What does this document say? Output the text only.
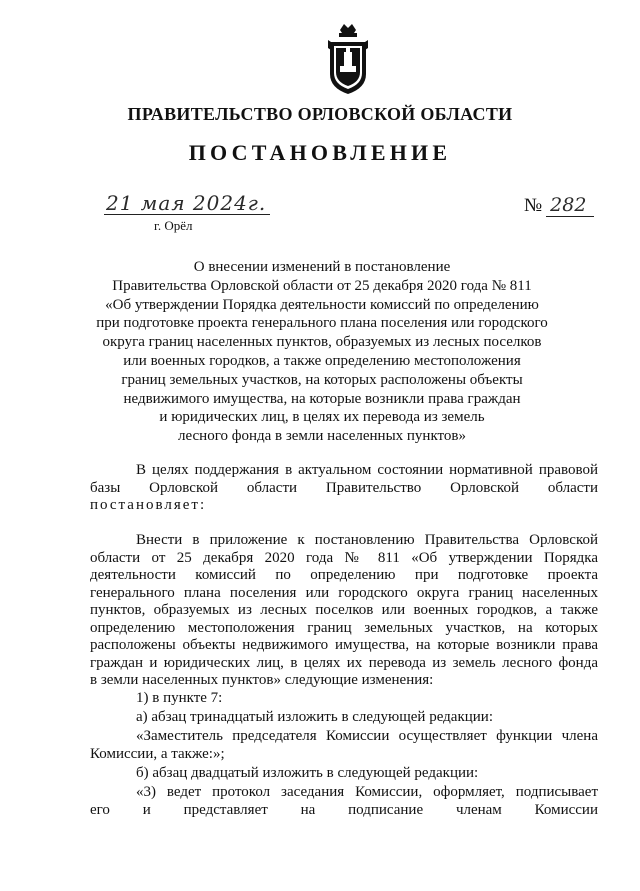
ПРАВИТЕЛЬСТВО ОРЛОВСКОЙ ОБЛАСТИ
ПОСТАНОВЛЕНИЕ
21 мая 2024г.
г. Орёл
№ 282
О внесении изменений в постановление
Правительства Орловской области от 25 декабря 2020 года № 811
«Об утверждении Порядка деятельности комиссий по определению
при подготовке проекта генерального плана поселения или городского
округа границ населенных пунктов, образуемых из лесных поселков
или военных городков, а также определению местоположения
границ земельных участков, на которых расположены объекты
недвижимого имущества, на которые возникли права граждан
и юридических лиц, в целях их перевода из земель
лесного фонда в земли населенных пунктов»
В целях поддержания в актуальном состоянии нормативной правовой
базы Орловской области Правительство Орловской области
постановляет:
Внести в приложение к постановлению Правительства Орловской
области от 25 декабря 2020 года № 811 «Об утверждении Порядка
деятельности комиссий по определению при подготовке проекта
генерального плана поселения или городского округа границ населенных
пунктов, образуемых из лесных поселков или военных городков, а также
определению местоположения границ земельных участков, на которых
расположены объекты недвижимого имущества, на которые возникли права
граждан и юридических лиц, в целях их перевода из земель лесного фонда
в земли населенных пунктов» следующие изменения:
1) в пункте 7:
а) абзац тринадцатый изложить в следующей редакции:
«Заместитель председателя Комиссии осуществляет функции члена
Комиссии, а также:»;
б) абзац двадцатый изложить в следующей редакции:
«3) ведет протокол заседания Комиссии, оформляет, подписывает
его и представляет на подписание членам Комиссии
